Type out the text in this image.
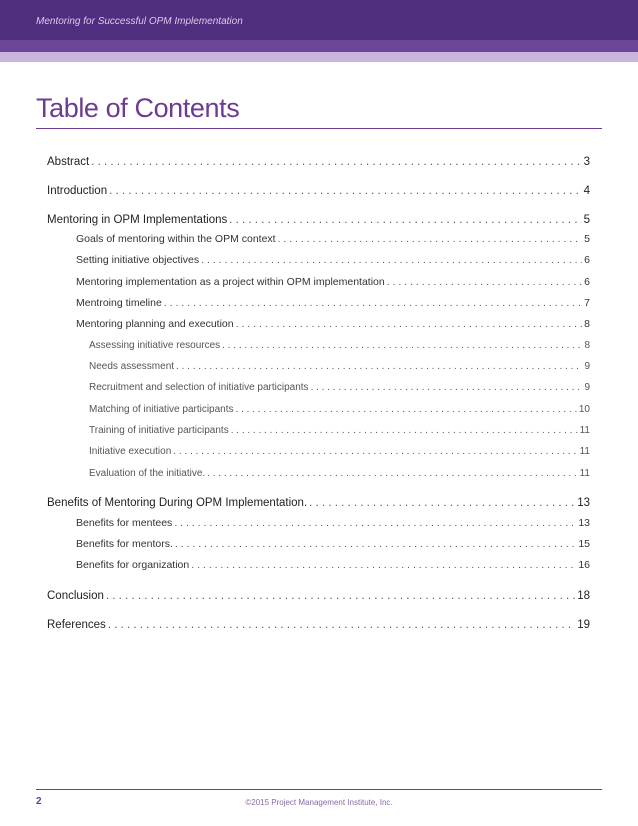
Mentoring for Successful OPM Implementation
Table of Contents
Abstract . . .	3
Introduction . . .	4
Mentoring in OPM Implementations . . .	5
Goals of mentoring within the OPM context . . .	5
Setting initiative objectives . . .	6
Mentoring implementation as a project within OPM implementation . . .	6
Mentroing timeline . . .	7
Mentoring planning and execution . . .	8
Assessing initiative resources . . .	8
Needs assessment . . .	9
Recruitment and selection of initiative participants . . .	9
Matching of initiative participants . . .	10
Training of initiative participants . . .	11
Initiative execution . . .	11
Evaluation of the initiative. . . .	11
Benefits of Mentoring During OPM Implementation. . . .	13
Benefits for mentees . . .	13
Benefits for mentors. . . .	15
Benefits for organization . . .	16
Conclusion . . .	18
References . . .	19
2	©2015 Project Management Institute, Inc.
